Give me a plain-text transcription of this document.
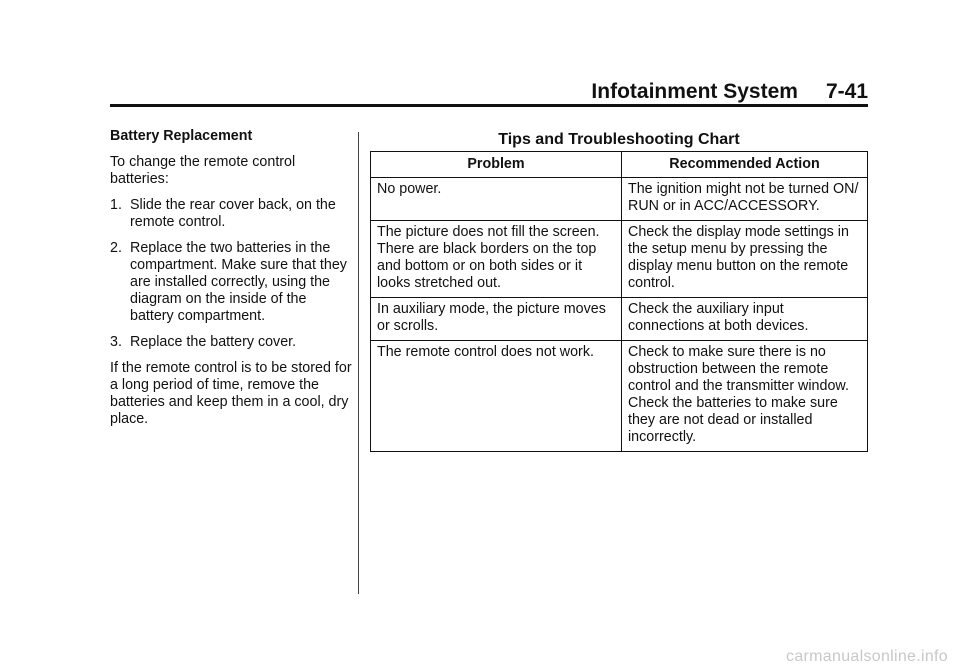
Infotainment System 7-41
Battery Replacement

To change the remote control batteries:

1. Slide the rear cover back, on the remote control.
2. Replace the two batteries in the compartment. Make sure that they are installed correctly, using the diagram on the inside of the battery compartment.
3. Replace the battery cover.

If the remote control is to be stored for a long period of time, remove the batteries and keep them in a cool, dry place.

Tips and Troubleshooting Chart
Problem	Recommended Action
No power.	The ignition might not be turned ON/ RUN or in ACC/ACCESSORY.
The picture does not fill the screen. There are black borders on the top and bottom or on both sides or it looks stretched out.	Check the display mode settings in the setup menu by pressing the display menu button on the remote control.
In auxiliary mode, the picture moves or scrolls.	Check the auxiliary input connections at both devices.
The remote control does not work.	Check to make sure there is no obstruction between the remote control and the transmitter window. Check the batteries to make sure they are not dead or installed incorrectly.
carmanualsonline.info
